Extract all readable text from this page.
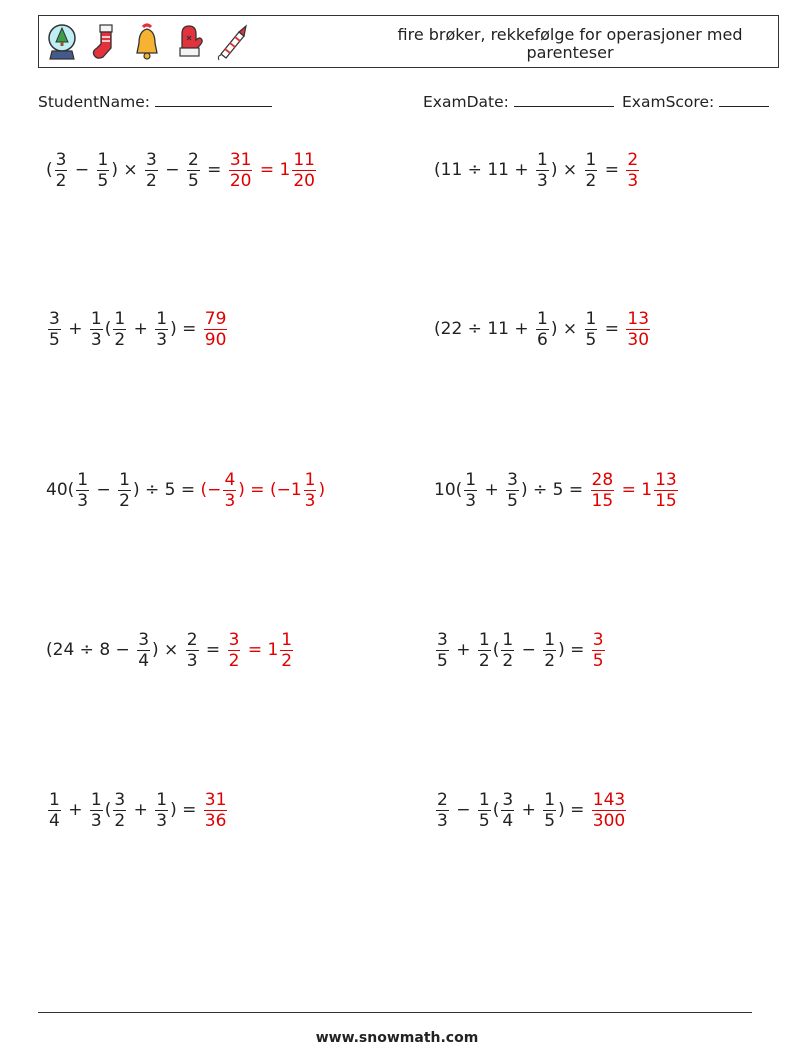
fire brøker, rekkefølge for operasjoner med parenteser
StudentName:	ExamDate:	ExamScore:
( $\frac{3}{2} - \frac{1}{5}$ ) × $\frac{3}{2} - \frac{2}{5} = \frac{31}{20} = 1 \frac{11}{20}$	($11 \div 11 + \frac{1}{3}$ ) × $\frac{1}{2} = \frac{2}{3}$
$\frac{3}{5} + \frac{1}{3}$ ( $\frac{1}{2} + \frac{1}{3}$ ) = $\frac{79}{90}$	($22 \div 11 + \frac{1}{6}$ ) × $\frac{1}{5} = \frac{13}{30}$
$40( \frac{1}{3} - \frac{1}{2}$ ) ÷ 5 = (− $\frac{4}{3}$ ) = ($-1 \frac{1}{3}$ )	$10( \frac{1}{3} + \frac{3}{5}$ ) ÷ $5 = \frac{28}{15} = 1 \frac{13}{15}$
($24 \div 8 - \frac{3}{4}$ ) × $\frac{2}{3} = \frac{3}{2} = 1 \frac{1}{2}$	$\frac{3}{5} + \frac{1}{2}$ ( $\frac{1}{2} - \frac{1}{2}$ ) = $\frac{3}{5}$
$\frac{1}{4} + \frac{1}{3}$ ( $\frac{3}{2} + \frac{1}{3}$ ) = $\frac{31}{36}$	$\frac{2}{3} - \frac{1}{5}$ ( $\frac{3}{4} + \frac{1}{5}$ ) = $\frac{143}{300}$
www.snowmath.com
